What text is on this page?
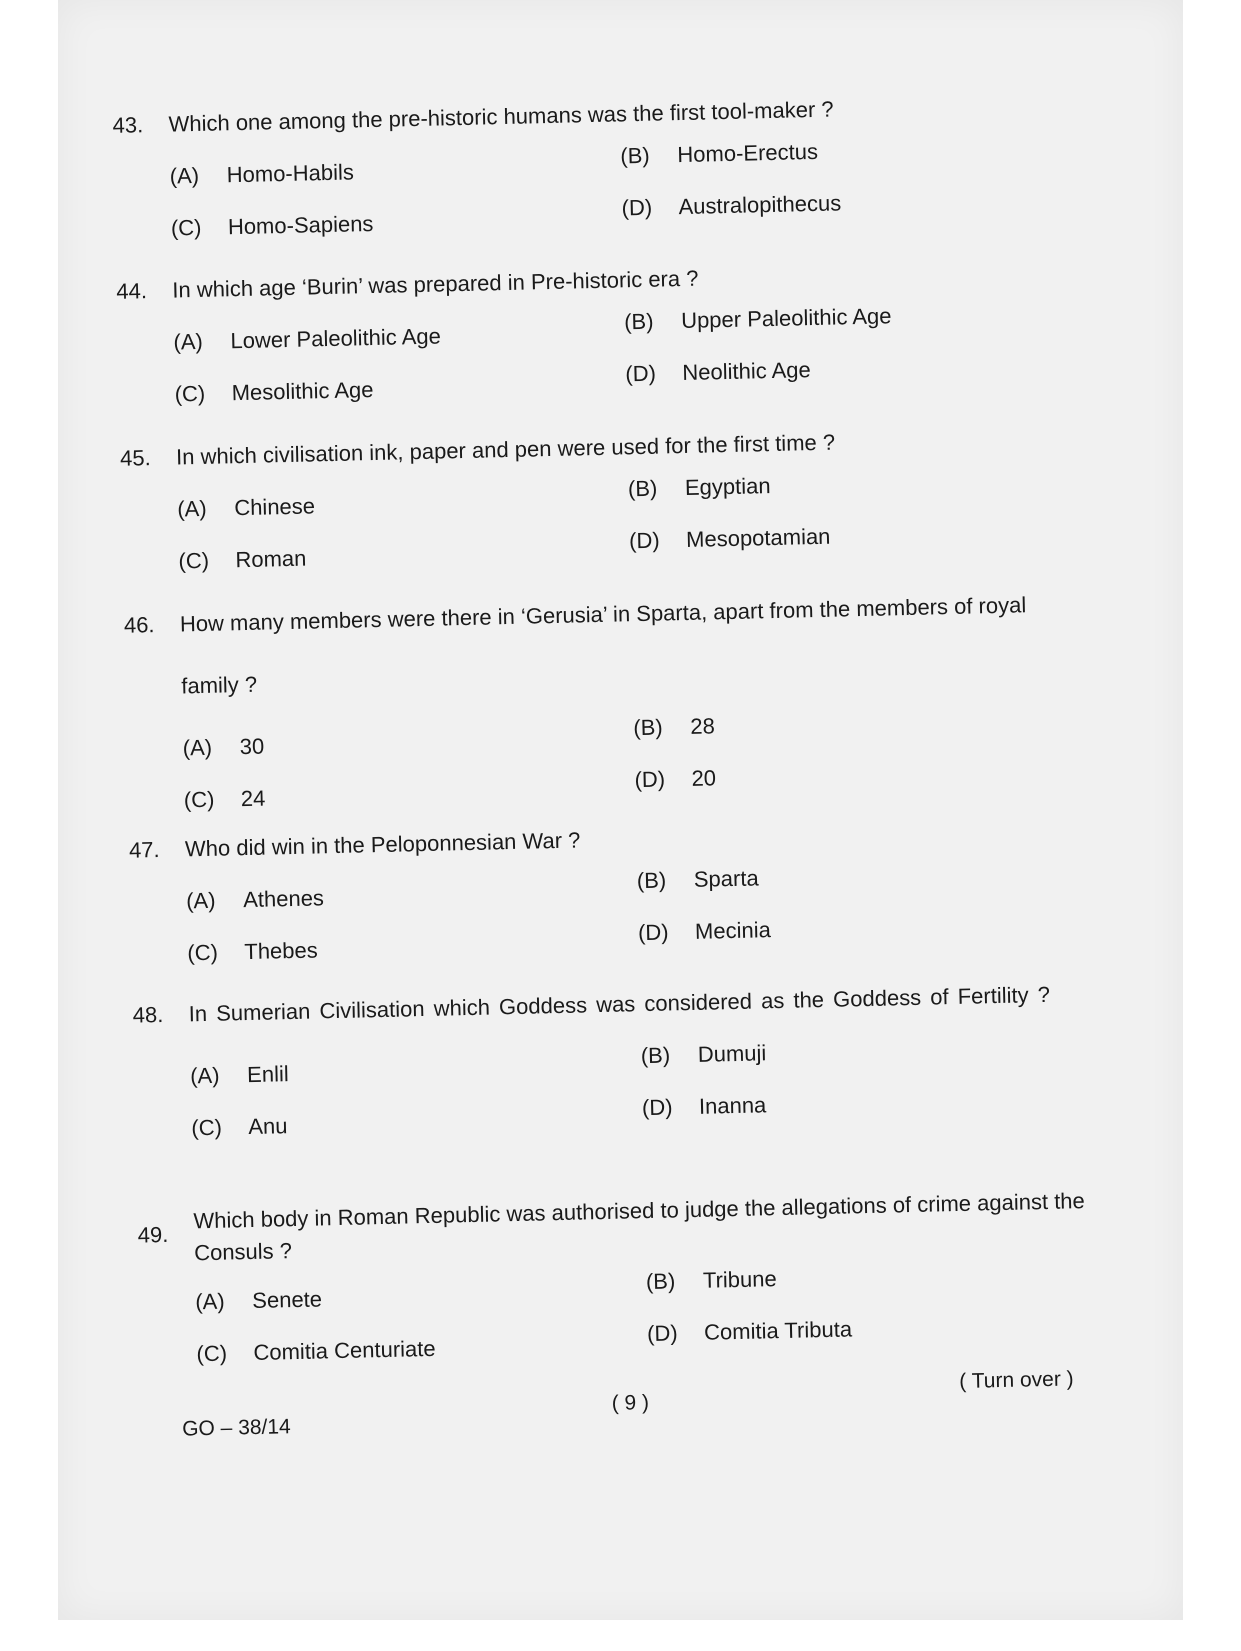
43.	Which one among the pre-historic humans was the first tool-maker ?
(A)	Homo-Habils
(B)	Homo-Erectus
(C)	Homo-Sapiens
(D)	Australopithecus
44.	In which age ‘Burin’ was prepared in Pre-historic era ?
(A)	Lower Paleolithic Age
(B)	Upper Paleolithic Age
(C)	Mesolithic Age
(D)	Neolithic Age
45.	In which civilisation ink, paper and pen were used for the first time ?
(A)	Chinese
(B)	Egyptian
(C)	Roman
(D)	Mesopotamian
46.	How many members were there in ‘Gerusia’ in Sparta, apart from the members of royal family ?
(A)	30
(B)	28
(C)	24
(D)	20
47.	Who did win in the Peloponnesian War ?
(A)	Athenes
(B)	Sparta
(C)	Thebes
(D)	Mecinia
48.	In Sumerian Civilisation which Goddess was considered as the Goddess of Fertility ?
(A)	Enlil
(B)	Dumuji
(C)	Anu
(D)	Inanna
49.
Which body in Roman Republic was authorised to judge the allegations of crime against the Consuls ?
(A)	Senete
(B)	Tribune
(C)	Comitia Centuriate
(D)	Comitia Tributa
GO – 38/14
( 9 )
( Turn over )
